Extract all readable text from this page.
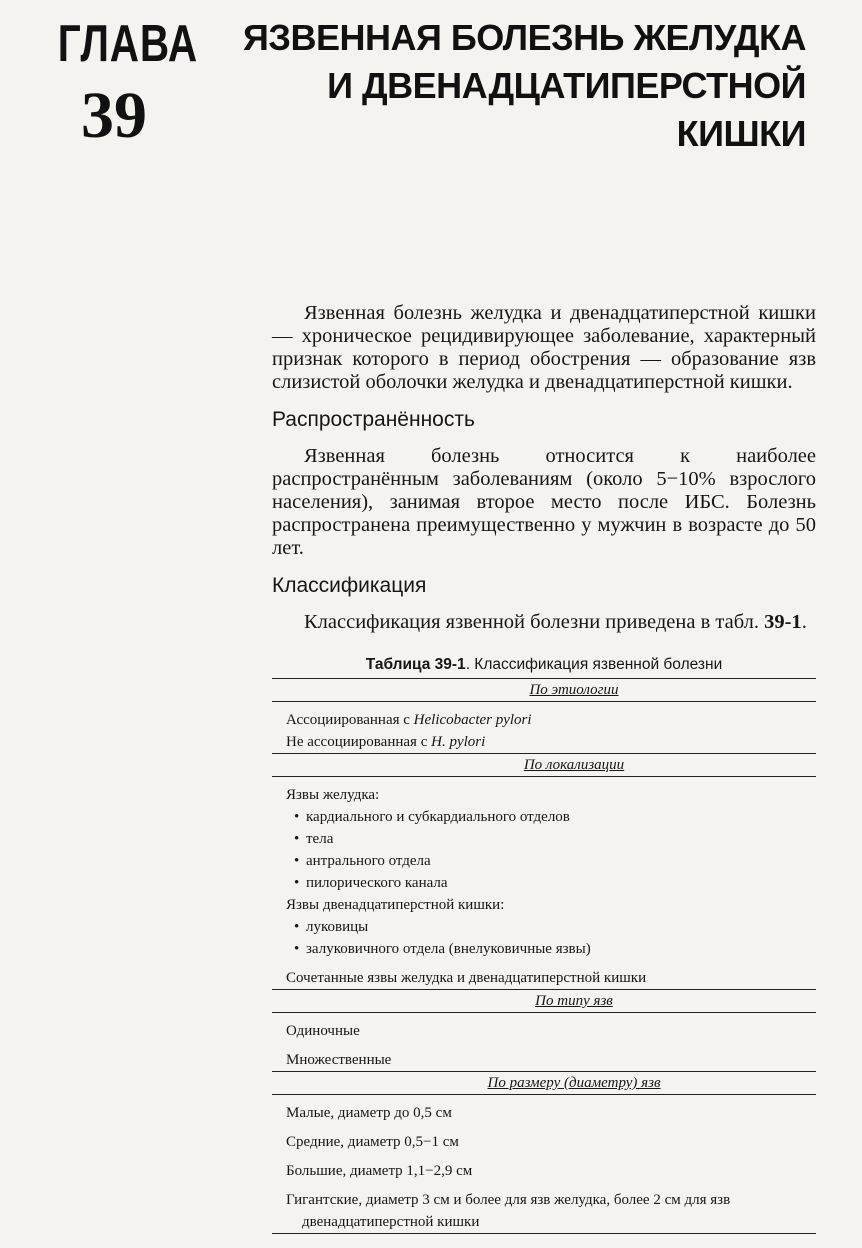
ГЛАВА
39
ЯЗВЕННАЯ БОЛЕЗНЬ ЖЕЛУДКА
И ДВЕНАДЦАТИПЕРСТНОЙ
КИШКИ

Язвенная болезнь желудка и двенадцатиперстной кишки — хроническое рецидивирующее заболевание, характерный признак которого в период обострения — образование язв слизистой оболочки желудка и двенадцатиперстной кишки.

Распространённость

Язвенная болезнь относится к наиболее распространённым заболеваниям (около 5−10% взрослого населения), занимая второе место после ИБС. Болезнь распространена преимущественно у мужчин в возрасте до 50 лет.

Классификация

Классификация язвенной болезни приведена в табл. 39-1.

Таблица 39-1. Классификация язвенной болезни
По этиологии
Ассоциированная с Helicobacter pylori
Не ассоциированная с H. pylori
По локализации
Язвы желудка:
• кардиального и субкардиального отделов
• тела
• антрального отдела
• пилорического канала
Язвы двенадцатиперстной кишки:
• луковицы
• залуковичного отдела (внелуковичные язвы)
Сочетанные язвы желудка и двенадцатиперстной кишки
По типу язв
Одиночные
Множественные
По размеру (диаметру) язв
Малые, диаметр до 0,5 см
Средние, диаметр 0,5−1 см
Большие, диаметр 1,1−2,9 см
Гигантские, диаметр 3 см и более для язв желудка, более 2 см для язв двенадцатиперстной кишки
